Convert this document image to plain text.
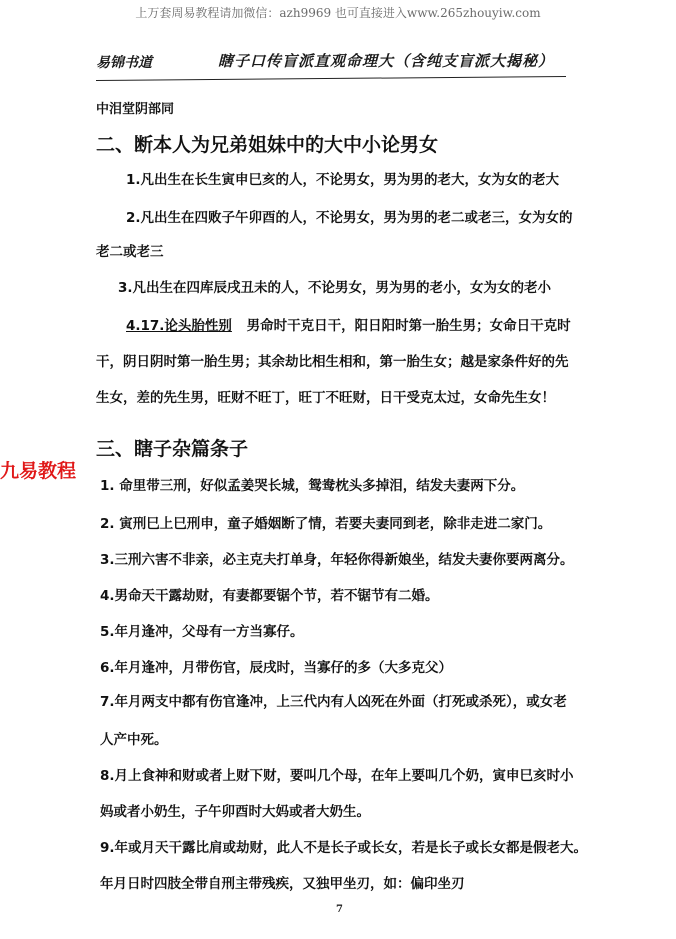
上万套周易教程请加微信：azh9969 也可直接进入www.265zhouyiw.com
易锦书道	瞎子口传盲派直观命理大（含纯支盲派大揭秘）
中泪堂阴部同
二、断本人为兄弟姐妹中的大中小论男女
1.凡出生在长生寅申巳亥的人，不论男女，男为男的老大，女为女的老大
2.凡出生在四败子午卯酉的人，不论男女，男为男的老二或老三，女为女的
老二或老三
3.凡出生在四库辰戌丑未的人，不论男女，男为男的老小，女为女的老小
4.17.论头胎性别 男命时干克日干，阳日阳时第一胎生男；女命日干克时
干，阴日阴时第一胎生男；其余劫比相生相和，第一胎生女；越是家条件好的先
生女，差的先生男，旺财不旺丁，旺丁不旺财，日干受克太过，女命先生女！
三、瞎子杂篇条子
九易教程
1. 命里带三刑，好似孟姜哭长城，鸳鸯枕头多掉泪，结发夫妻两下分。
2. 寅刑巳上巳刑申，童子婚姻断了情，若要夫妻同到老，除非走进二家门。
3.三刑六害不非亲，必主克夫打单身，年轻你得新娘坐，结发夫妻你要两离分。
4.男命天干露劫财，有妻都要锯个节，若不锯节有二婚。
5.年月逢冲，父母有一方当寡仔。
6.年月逢冲，月带伤官，辰戌时，当寡仔的多（大多克父）
7.年月两支中都有伤官逢冲，上三代内有人凶死在外面（打死或杀死），或女老
人产中死。
8.月上食神和财或者上财下财，要叫几个母，在年上要叫几个奶，寅申巳亥时小
妈或者小奶生，子午卯酉时大妈或者大奶生。
9.年或月天干露比肩或劫财，此人不是长子或长女，若是长子或长女都是假老大。
年月日时四肢全带自刑主带残疾，又独甲坐刃，如：偏印坐刃
7
